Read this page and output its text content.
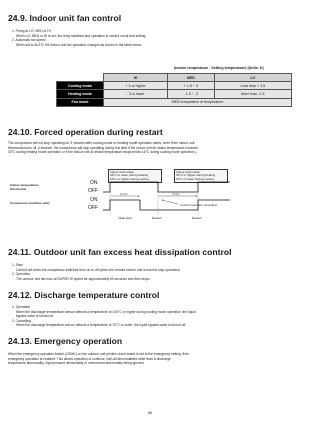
24.9. Indoor unit fan control
1. Fixing at LO, MED or HI
When LO, MED or HI is set, the relay switches and operation is carried out at that setting.
2. Automatic fan speed
When set to AUTO, the indoor unit fan operation changes as shown in the table below.
(Indoor temperature - Setting temperature) (Units: K)
	HI	MED	LO
Cooling mode	+ 3 or higher	+ 1.5 ~ 3	Less than + 1.5
Heating mode	- 3 or lower	- 1.5 ~ -3	More than -1.5
Fan mode	MED irrespective of temperature		
24.10. Forced operation during restart
The compressor will not stop operating for 3 minutes after cooling mode or heating mode operation starts, even if the indoor unit
thermostat turns off. (However, the compressor will stop operating during this time if the indoor unit air intake temperature exceeds
33°C during heating mode operation or if the indoor unit air intake temperature drops below 16°C during cooling mode operation.)
Indoor thermostat
33°C or lower during heating
16°C or higher during cooling
Indoor thermostat
33°C or higher during heating
16°C or lower during cooling
Indoor temperature thermostat
Compressor (outdoor unit)
ON
OFF
ON
OFF
3 min.	3 min.
Control operation cancelled
Initial start	Restart	Restart
24.11. Outdoor unit fan excess heat dissipation control
1. Start
Carried out when the compressor switches from on to off (when the remote control unit is used to stop operation)
2. Operation
The outdoor unit fan runs at SUPER HI speed for approximately 60 seconds and then stops.
24.12. Discharge temperature control
1. Operation
When the discharge temperature sensor detects a temperature of 100°C or higher during cooling mode operation, the liquid
bypass valve is turned on.
2. Cancelling
When the discharge temperature sensor detects a temperature of 70°C or lower, the liquid bypass valve is turned off.
24.13. Emergency operation
When the emergency operation switch (OSW1) on the outdoor unit printed circuit board is set to the emergency setting, then
emergency operation is enabled. This allows operation to continue, with all abnormalities other than a discharge
temperature abnormality, high pressure abnormality or overcurrent abnormality being ignored.
66
